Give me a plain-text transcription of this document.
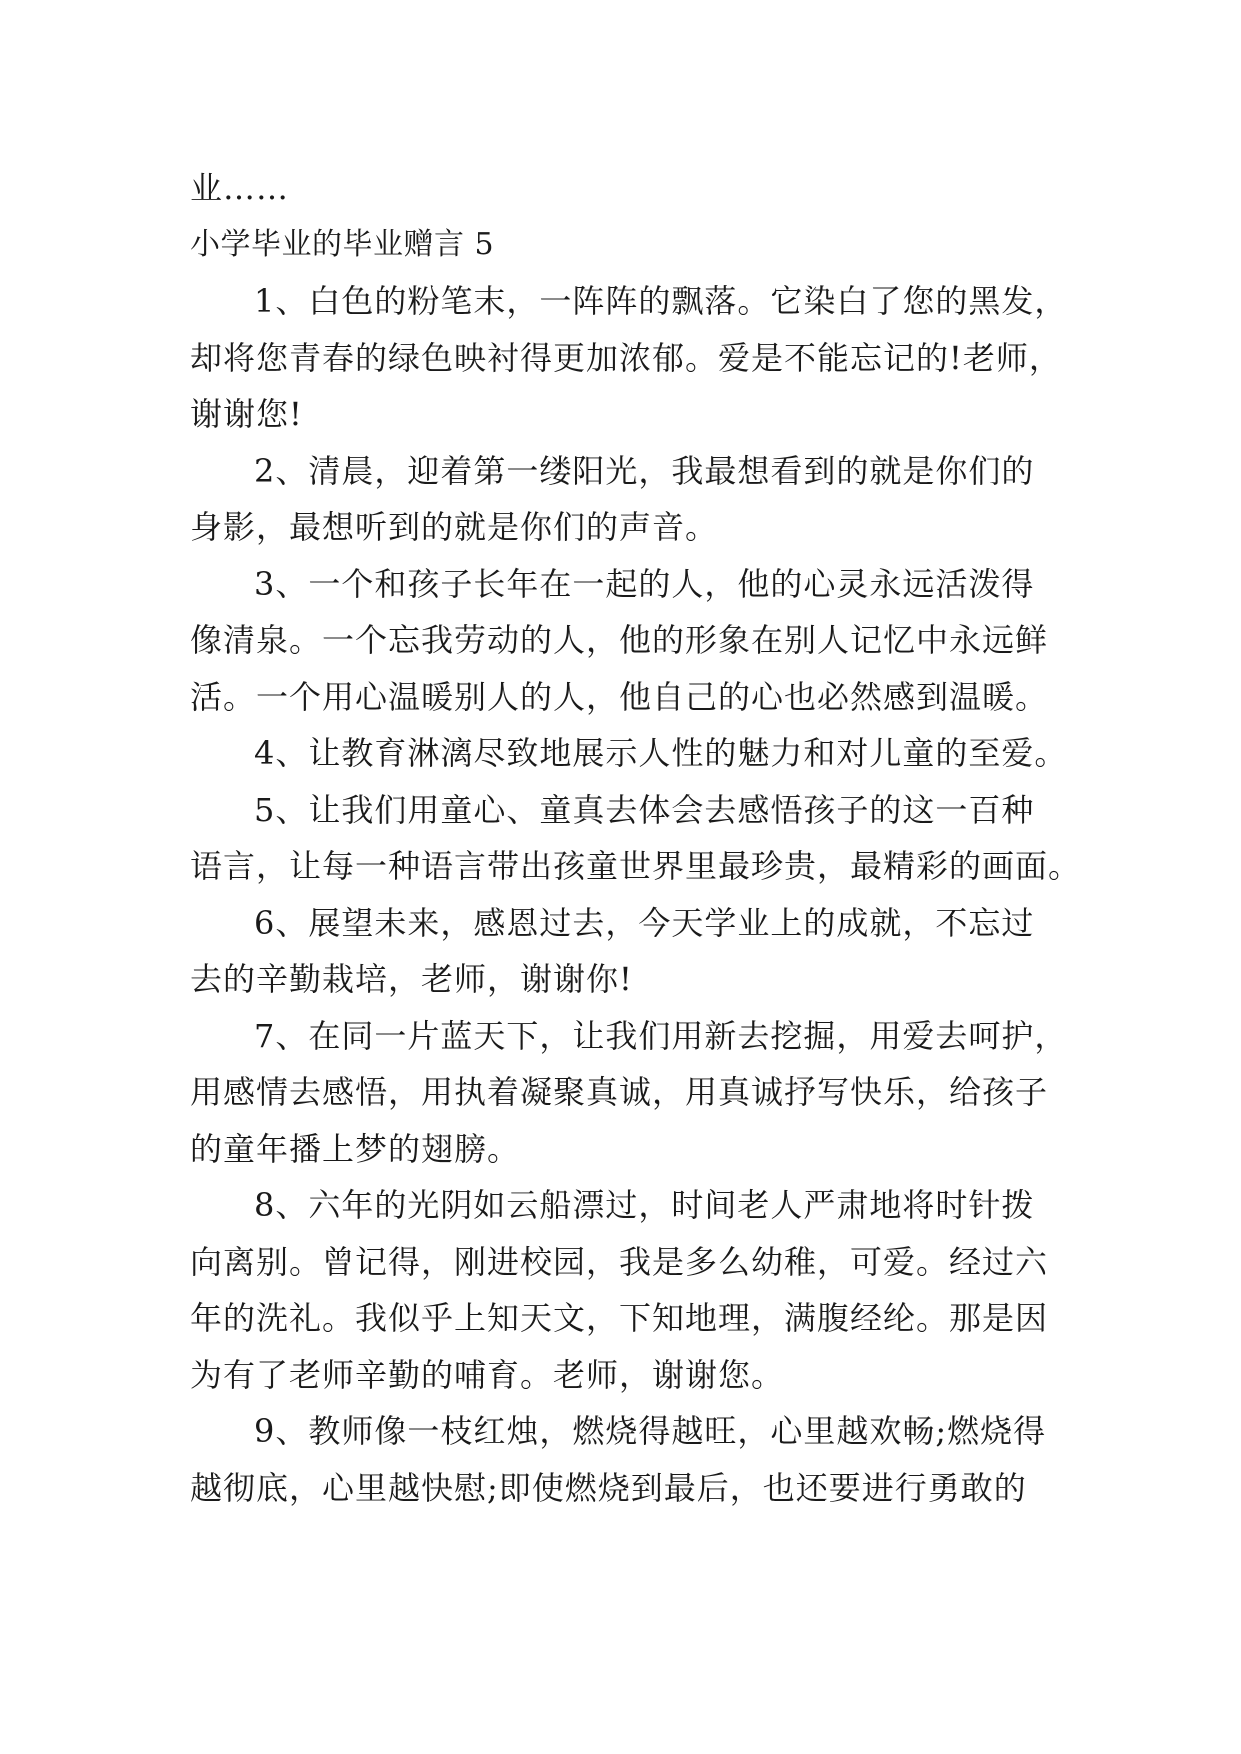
业……
小学毕业的毕业赠言 5
1、白色的粉笔末，一阵阵的飘落。它染白了您的黑发，
却将您青春的绿色映衬得更加浓郁。爱是不能忘记的!老师，
谢谢您!
2、清晨，迎着第一缕阳光，我最想看到的就是你们的
身影，最想听到的就是你们的声音。
3、一个和孩子长年在一起的人，他的心灵永远活泼得
像清泉。一个忘我劳动的人，他的形象在别人记忆中永远鲜
活。一个用心温暖别人的人，他自己的心也必然感到温暖。
4、让教育淋漓尽致地展示人性的魅力和对儿童的至爱。
5、让我们用童心、童真去体会去感悟孩子的这一百种
语言，让每一种语言带出孩童世界里最珍贵，最精彩的画面。
6、展望未来，感恩过去，今天学业上的成就，不忘过
去的辛勤栽培，老师，谢谢你!
7、在同一片蓝天下，让我们用新去挖掘，用爱去呵护，
用感情去感悟，用执着凝聚真诚，用真诚抒写快乐，给孩子
的童年播上梦的翅膀。
8、六年的光阴如云船漂过，时间老人严肃地将时针拨
向离别。曾记得，刚进校园，我是多么幼稚，可爱。经过六
年的洗礼。我似乎上知天文，下知地理，满腹经纶。那是因
为有了老师辛勤的哺育。老师，谢谢您。
9、教师像一枝红烛，燃烧得越旺，心里越欢畅;燃烧得
越彻底，心里越快慰;即使燃烧到最后，也还要进行勇敢的
